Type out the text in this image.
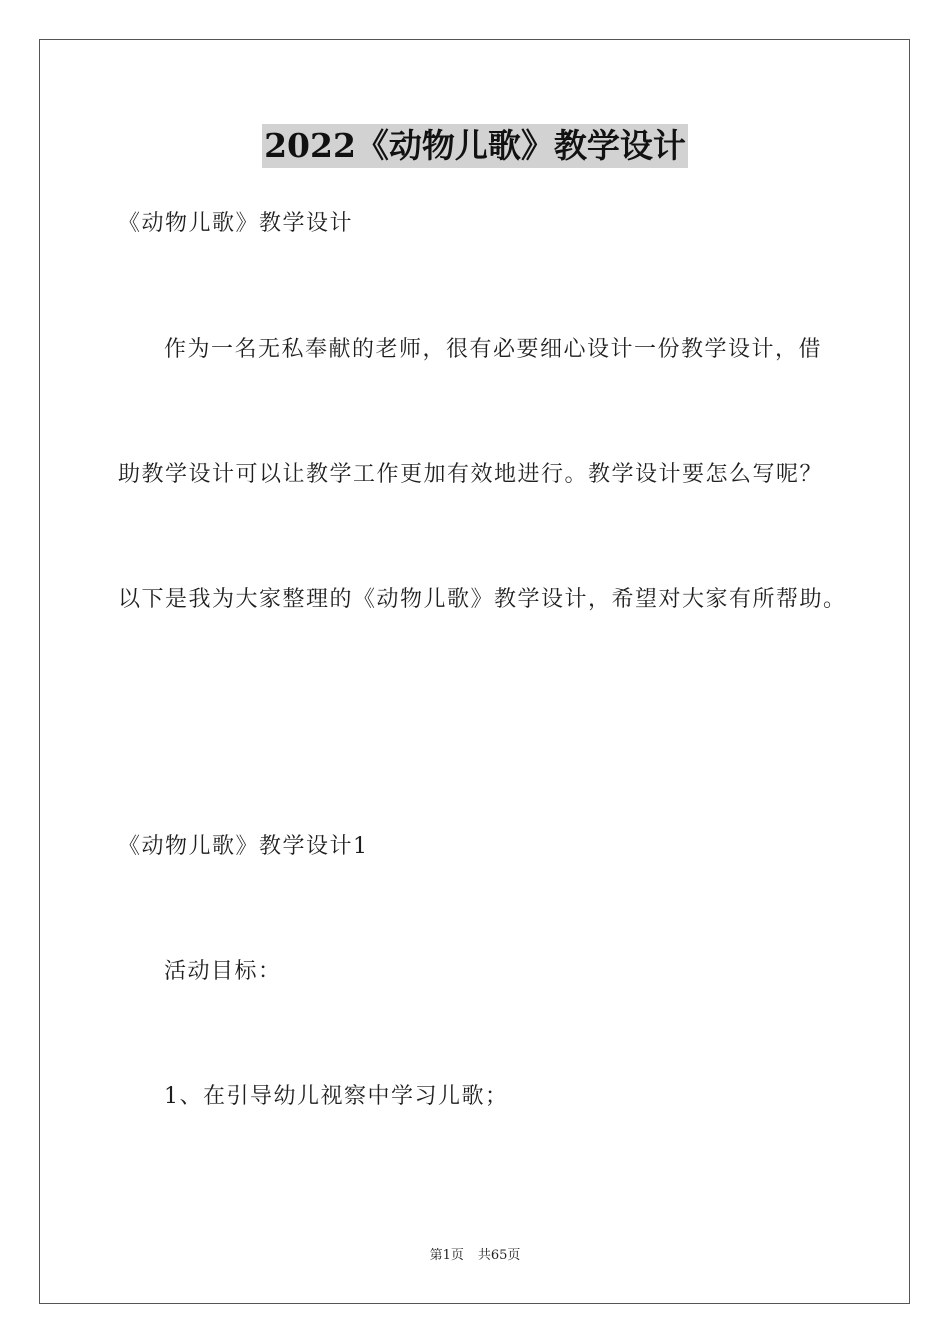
2022《动物儿歌》教学设计
《动物儿歌》教学设计
作为一名无私奉献的老师，很有必要细心设计一份教学设计，借
助教学设计可以让教学工作更加有效地进行。教学设计要怎么写呢？
以下是我为大家整理的《动物儿歌》教学设计，希望对大家有所帮助。
《动物儿歌》教学设计1
活动目标：
1、在引导幼儿视察中学习儿歌；
第1页 共65页
